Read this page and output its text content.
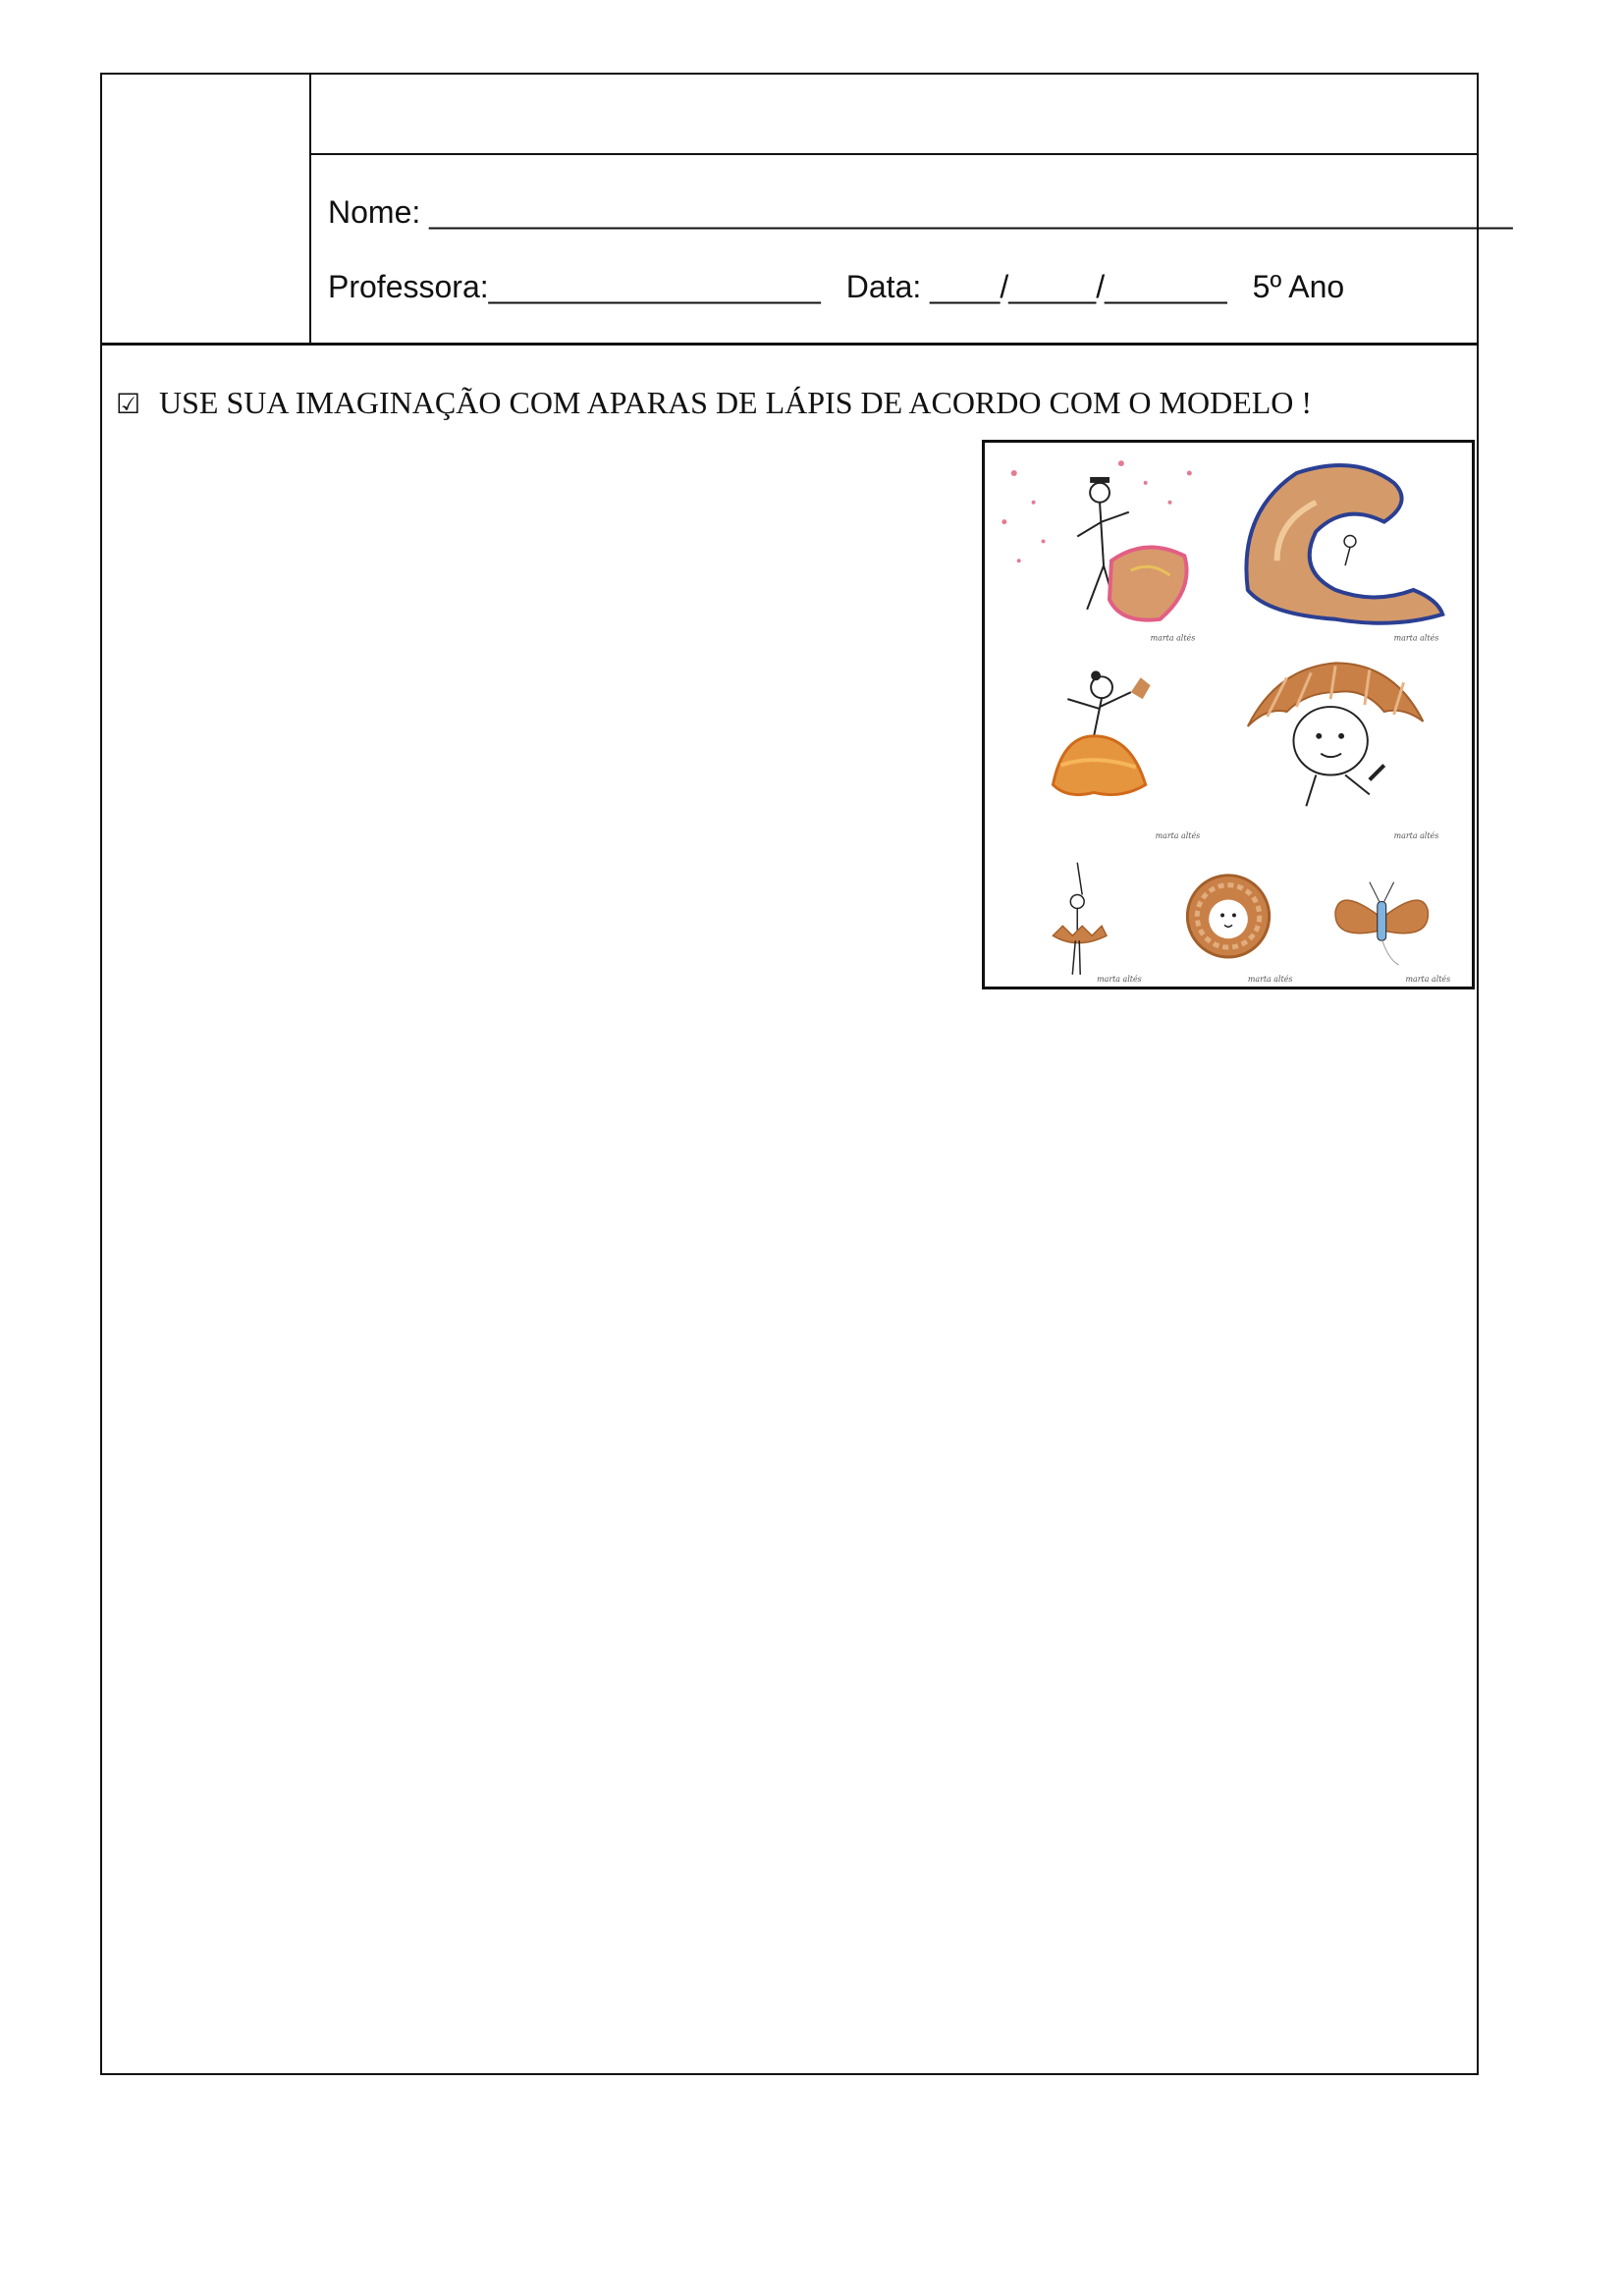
Nome: ______________________________________________________________
Professora:___________________ Data: ____/_____/_______ 5º Ano
☑ USE SUA IMAGINAÇÃO COM APARAS DE LÁPIS DE ACORDO COM O MODELO !
marta altés	marta altés
marta altés	marta altés
marta altés	marta altés	marta altés
